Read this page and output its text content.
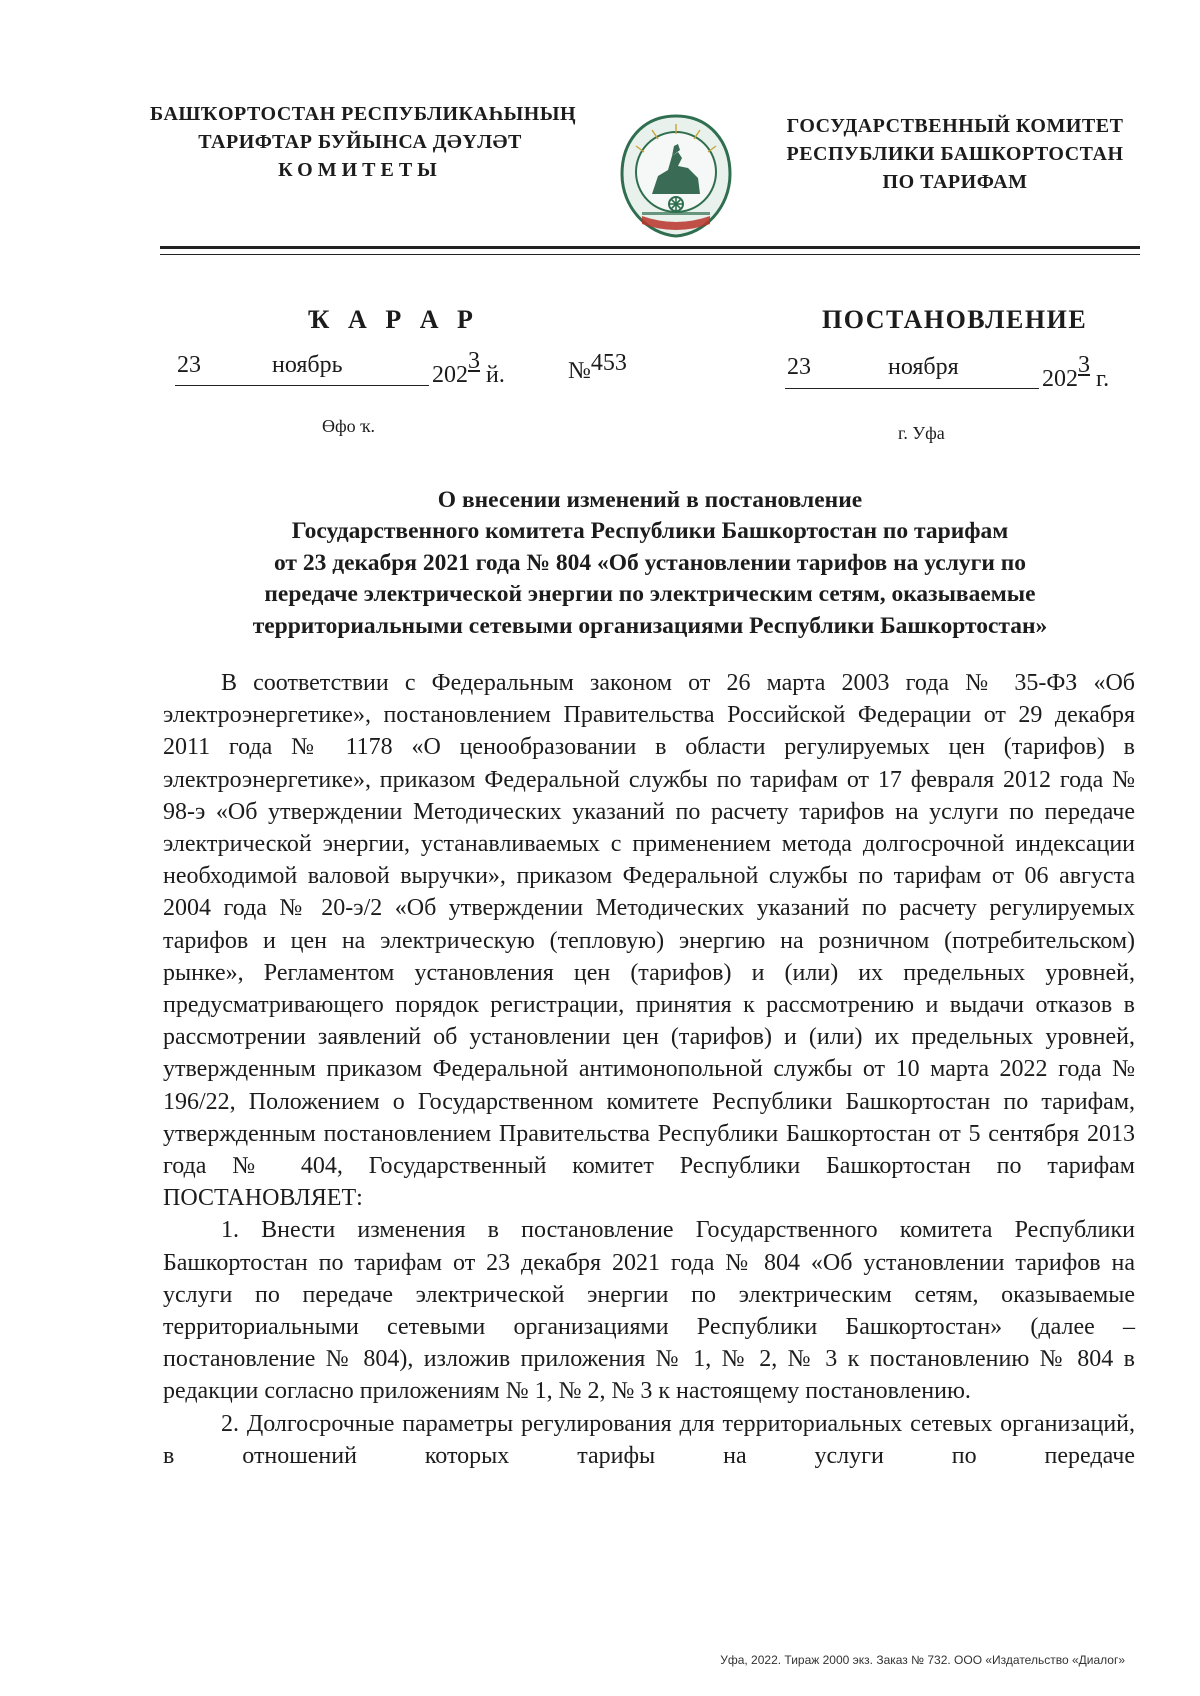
БАШҠОРТОСТАН РЕСПУБЛИКАҺЫНЫҢ
ТАРИФТАР БУЙЫНСА ДӘҮЛӘТ
КОМИТЕТЫ
ГОСУДАРСТВЕННЫЙ КОМИТЕТ
РЕСПУБЛИКИ БАШКОРТОСТАН
ПО ТАРИФАМ
Ҡ А Р А Р
23	ноябрь	2023 й.	№453
Өфо ҡ.
ПОСТАНОВЛЕНИЕ
23	ноября	2023 г.
г. Уфа
О внесении изменений в постановление
Государственного комитета Республики Башкортостан по тарифам
от 23 декабря 2021 года № 804 «Об установлении тарифов на услуги по
передаче электрической энергии по электрическим сетям, оказываемые
территориальными сетевыми организациями Республики Башкортостан»

В соответствии с Федеральным законом от 26 марта 2003 года № 35-ФЗ «Об электроэнергетике», постановлением Правительства Российской Федерации от 29 декабря 2011 года № 1178 «О ценообразовании в области регулируемых цен (тарифов) в электроэнергетике», приказом Федеральной службы по тарифам от 17 февраля 2012 года № 98-э «Об утверждении Методических указаний по расчету тарифов на услуги по передаче электрической энергии, устанавливаемых с применением метода долгосрочной индексации необходимой валовой выручки», приказом Федеральной службы по тарифам от 06 августа 2004 года № 20-э/2 «Об утверждении Методических указаний по расчету регулируемых тарифов и цен на электрическую (тепловую) энергию на розничном (потребительском) рынке», Регламентом установления цен (тарифов) и (или) их предельных уровней, предусматривающего порядок регистрации, принятия к рассмотрению и выдачи отказов в рассмотрении заявлений об установлении цен (тарифов) и (или) их предельных уровней, утвержденным приказом Федеральной антимонопольной службы от 10 марта 2022 года № 196/22, Положением о Государственном комитете Республики Башкортостан по тарифам, утвержденным постановлением Правительства Республики Башкортостан от 5 сентября 2013 года № 404, Государственный комитет Республики Башкортостан по тарифам ПОСТАНОВЛЯЕТ:

1. Внести изменения в постановление Государственного комитета Республики Башкортостан по тарифам от 23 декабря 2021 года № 804 «Об установлении тарифов на услуги по передаче электрической энергии по электрическим сетям, оказываемые территориальными сетевыми организациями Республики Башкортостан» (далее – постановление № 804), изложив приложения № 1, № 2, № 3 к постановлению № 804 в редакции согласно приложениям № 1, № 2, № 3 к настоящему постановлению.

2. Долгосрочные параметры регулирования для территориальных сетевых организаций, в отношений которых тарифы на услуги по передаче

Уфа, 2022. Тираж 2000 экз. Заказ № 732. ООО «Издательство «Диалог»
